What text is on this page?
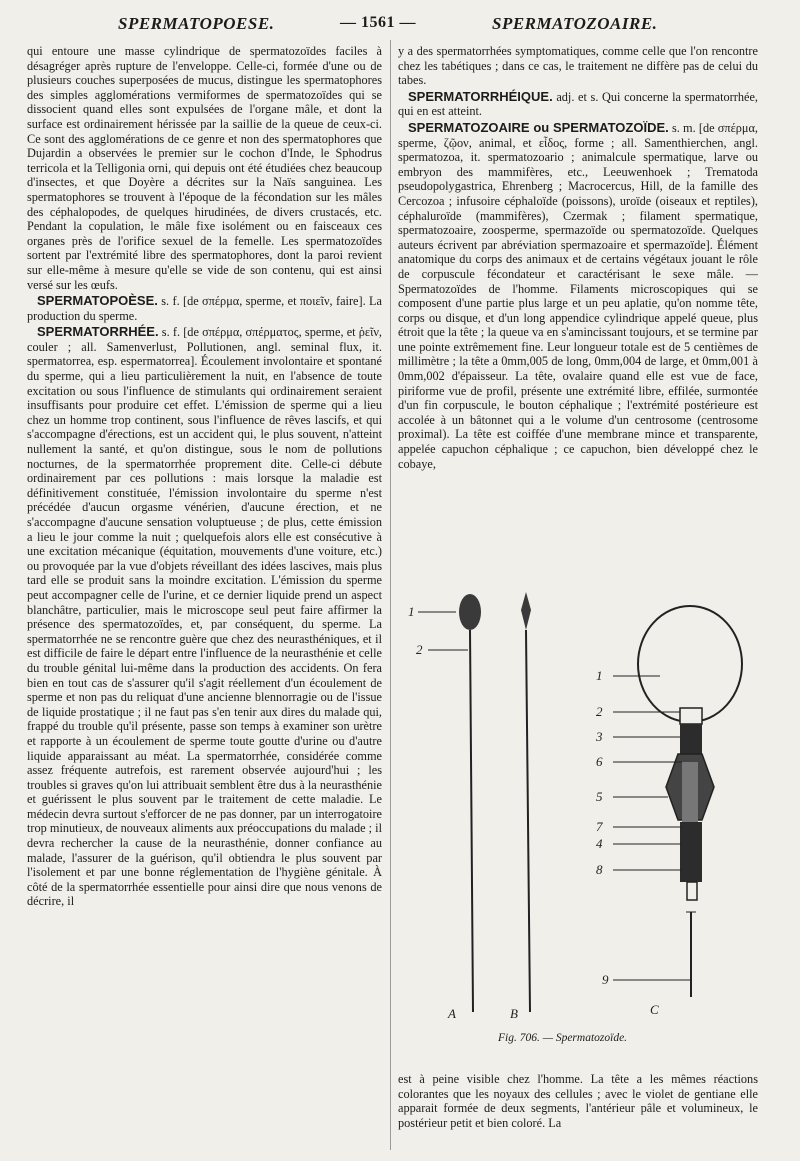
SPERMATOPOESE.	— 1561 —	SPERMATOZOAIRE.

qui entoure une masse cylindrique de spermatozoïdes faciles à désagréger après rupture de l'enveloppe. Celle-ci, formée d'une ou de plusieurs couches superposées de mucus, distingue les spermatophores des simples agglomérations vermiformes de spermatozoïdes qui se dissocient quand elles sont expulsées de l'organe mâle, et dont la surface est ordinairement hérissée par la saillie de la queue de ceux-ci. Ce sont des agglomérations de ce genre et non des spermatophores que Dujardin a observées le premier sur le cochon d'Inde, le Sphodrus terricola et la Telligonia orni, qui depuis ont été étudiées chez beaucoup d'insectes, et que Doyère a décrites sur la Naïs sanguinea. Les spermatophores se trouvent à l'époque de la fécondation sur les mâles des céphalopodes, de quelques hirudinées, de divers crustacés, etc. Pendant la copulation, le mâle fixe isolément ou en faisceaux ces organes près de l'orifice sexuel de la femelle. Les spermatozoïdes sortent par l'extrémité libre des spermatophores, dont la paroi revient sur elle-même à mesure qu'elle se vide de son contenu, qui est ainsi versé sur les œufs.

SPERMATOPOÈSE. s. f. [de σπέρμα, sperme, et ποιεῖν, faire]. La production du sperme.

SPERMATORRHÉE. s. f. [de σπέρμα, σπέρματος, sperme, et ῥεῖν, couler ; all. Samenverlust, Pollutionen, angl. seminal flux, it. spermatorrea, esp. espermatorrea]. Écoulement involontaire et spontané du sperme, qui a lieu particulièrement la nuit, en l'absence de toute excitation ou sous l'influence de stimulants qui ordinairement seraient insuffisants pour produire cet effet. L'émission de sperme qui a lieu chez un homme trop continent, sous l'influence de rêves lascifs, et qui s'accompagne d'érections, est un accident qui, le plus souvent, n'atteint nullement la santé, et qu'on distingue, sous le nom de pollutions nocturnes, de la spermatorrhée proprement dite. Celle-ci débute ordinairement par ces pollutions : mais lorsque la maladie est définitivement constituée, l'émission involontaire du sperme n'est précédée d'aucun orgasme vénérien, d'aucune érection, et ne s'accompagne d'aucune sensation voluptueuse ; de plus, cette émission a lieu le jour comme la nuit ; quelquefois alors elle est consécutive à une excitation mécanique (équitation, mouvements d'une voiture, etc.) ou provoquée par la vue d'objets réveillant des idées lascives, mais plus tard elle se produit sans la moindre excitation. L'émission du sperme peut accompagner celle de l'urine, et ce dernier liquide prend un aspect blanchâtre, particulier, mais le microscope seul peut faire affirmer la présence des spermatozoïdes, et, par conséquent, du sperme. La spermatorrhée ne se rencontre guère que chez des neurasthéniques, et il est difficile de faire le départ entre l'influence de la neurasthénie et celle du trouble génital lui-même dans la production des accidents. On fera bien en tout cas de s'assurer qu'il s'agit réellement d'un écoulement de sperme et non pas du reliquat d'une ancienne blennorragie ou de l'issue de liquide prostatique ; il ne faut pas s'en tenir aux dires du malade qui, frappé du trouble qu'il présente, passe son temps à examiner son urètre et rapporte à un écoulement de sperme toute goutte d'urine ou d'autre liquide apparaissant au méat. La spermatorrhée, considérée comme assez fréquente autrefois, est rarement observée aujourd'hui ; les troubles si graves qu'on lui attribuait semblent être dus à la neurasthénie et guérissent le plus souvent par le traitement de cette maladie. Le médecin devra surtout s'efforcer de ne pas donner, par un interrogatoire trop minutieux, de nouveaux aliments aux préoccupations du malade ; il devra rechercher la cause de la neurasthénie, donner confiance au malade, l'assurer de la guérison, qu'il obtiendra le plus souvent par l'isolement et par une bonne réglementation de l'hygiène génitale. À côté de la spermatorrhée essentielle pour ainsi dire que nous venons de décrire, il

y a des spermatorrhées symptomatiques, comme celle que l'on rencontre chez les tabétiques ; dans ce cas, le traitement ne diffère pas de celui du tabes.

SPERMATORRHÉIQUE. adj. et s. Qui concerne la spermatorrhée, qui en est atteint.

SPERMATOZOAIRE ou SPERMATOZOÏDE. s. m. [de σπέρμα, sperme, ζῷον, animal, et εἶδος, forme ; all. Samenthierchen, angl. spermatozoa, it. spermatozoario ; animalcule spermatique, larve ou embryon des mammifères, etc., Leeuwenhoek ; Trematoda pseudopolygastrica, Ehrenberg ; Macrocercus, Hill, de la famille des Cercozoa ; infusoire céphaloïde (poissons), uroïde (oiseaux et reptiles), céphaluroïde (mammifères), Czermak ; filament spermatique, spermatozoaire, zoosperme, spermazoïde ou spermatozoïde. Quelques auteurs écrivent par abréviation spermazoaire et spermazoïde]. Élément anatomique du corps des animaux et de certains végétaux jouant le rôle de corpuscule fécondateur et caractérisant le sexe mâle. — Spermatozoïdes de l'homme. Filaments microscopiques qui se composent d'une partie plus large et un peu aplatie, qu'on nomme tête, corps ou disque, et d'un long appendice cylindrique appelé queue, plus étroit que la tête ; la queue va en s'amincissant toujours, et se termine par une pointe extrêmement fine. Leur longueur totale est de 5 centièmes de millimètre ; la tête a 0mm,005 de long, 0mm,004 de large, et 0mm,001 à 0mm,002 d'épaisseur. La tête, ovalaire quand elle est vue de face, piriforme vue de profil, présente une extrémité libre, effilée, surmontée d'un fin corpuscule, le bouton céphalique ; l'extrémité postérieure est accolée à un bâtonnet qui a le volume d'un centrosome (centrosome proximal). La tête est coiffée d'une membrane mince et transparente, appelée capuchon céphalique ; ce capuchon, bien développé chez le cobaye,

1
2
1
2
3
6
5
7
4
8
9
A	B	C
Fig. 706. — Spermatozoïde.

est à peine visible chez l'homme. La tête a les mêmes réactions colorantes que les noyaux des cellules ; avec le violet de gentiane elle apparait formée de deux segments, l'antérieur pâle et volumineux, le postérieur petit et bien coloré. La
